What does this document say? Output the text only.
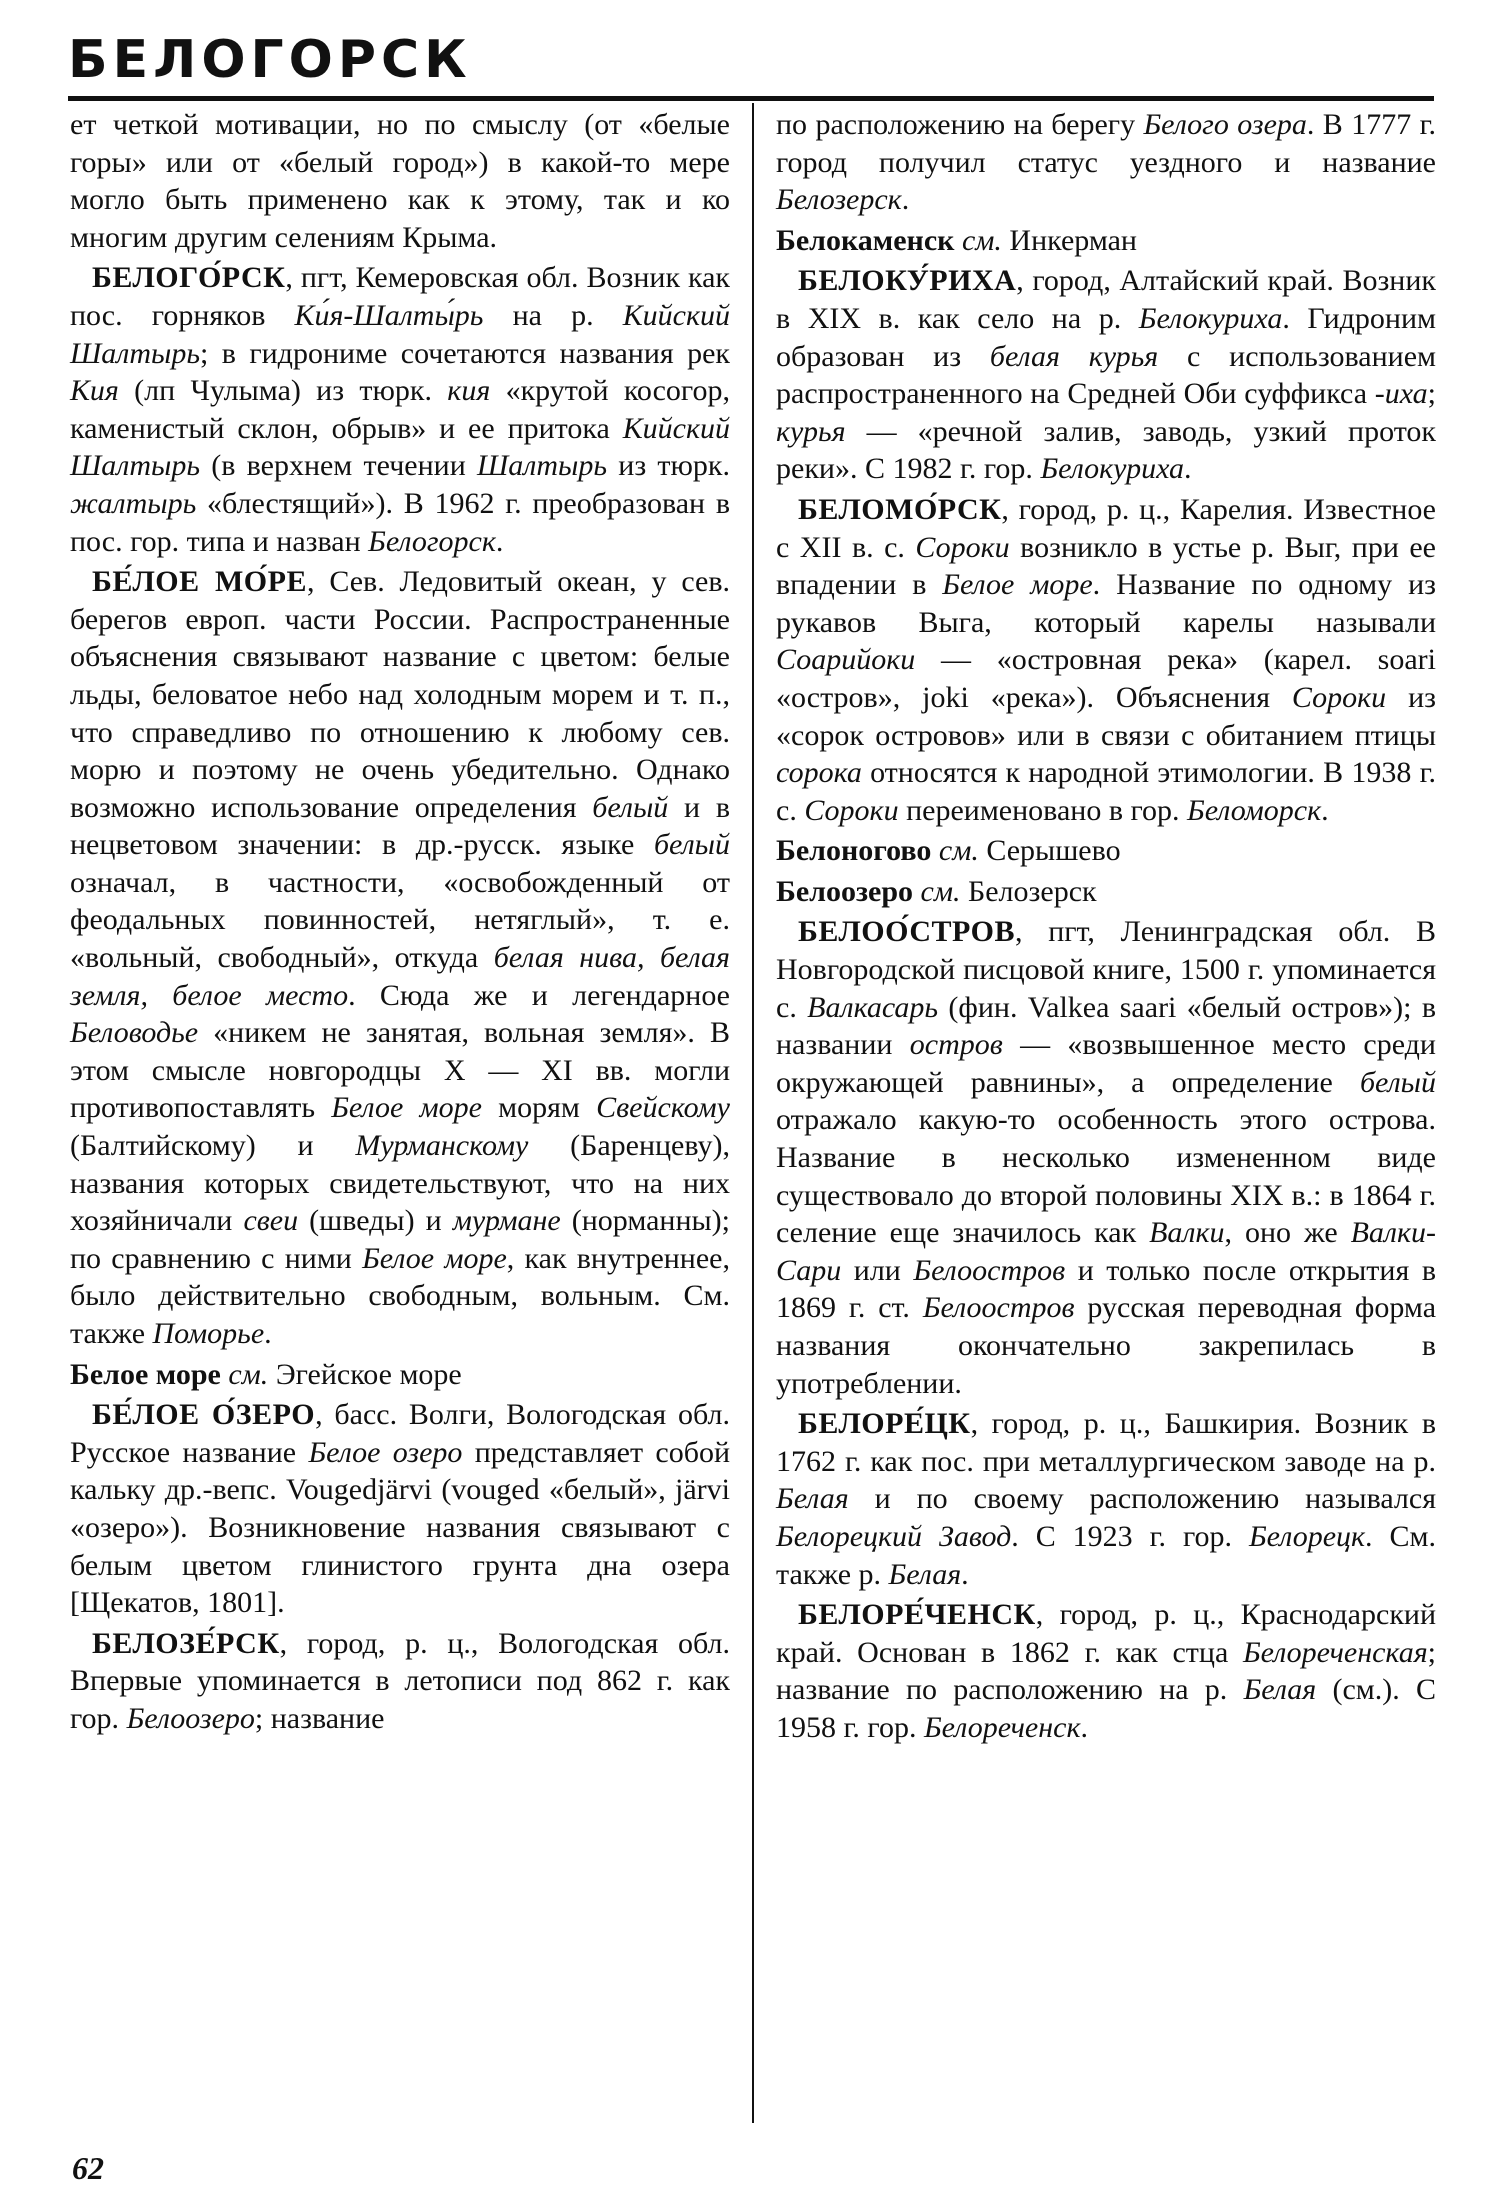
БЕЛОГОРСК

ет четкой мотивации, но по смыслу (от «белые горы» или от «белый город») в какой-то мере могло быть применено как к этому, так и ко многим другим селениям Крыма.

БЕЛОГО́РСК, пгт, Кемеровская обл. Возник как пос. горняков Ки́я-Шалты́рь на р. Кийский Шалтырь; в гидрониме сочетаются названия рек Кия (лп Чулыма) из тюрк. кия «крутой косогор, каменистый склон, обрыв» и ее притока Кийский Шалтырь (в верхнем течении Шалтырь из тюрк. жалтырь «блестящий»). В 1962 г. преобразован в пос. гор. типа и назван Белогорск.

БЕ́ЛОЕ МО́РЕ, Сев. Ледовитый океан, у сев. берегов европ. части России. Распространенные объяснения связывают название с цветом: белые льды, беловатое небо над холодным морем и т. п., что справедливо по отношению к любому сев. морю и поэтому не очень убедительно. Однако возможно использование определения белый и в нецветовом значении: в др.-русск. языке белый означал, в частности, «освобожденный от феодальных повинностей, нетяглый», т. е. «вольный, свободный», откуда белая нива, белая земля, белое место. Сюда же и легендарное Беловодье «никем не занятая, вольная земля». В этом смысле новгородцы X — XI вв. могли противопоставлять Белое море морям Свейскому (Балтийскому) и Мурманскому (Баренцеву), названия которых свидетельствуют, что на них хозяйничали свеи (шведы) и мурмане (норманны); по сравнению с ними Белое море, как внутреннее, было действительно свободным, вольным. См. также Поморье.

Белое море см. Эгейское море

БЕ́ЛОЕ О́ЗЕРО, басс. Волги, Вологодская обл. Русское название Белое озеро представляет собой кальку др.-вепс. Vougedjärvi (vouged «белый», järvi «озеро»). Возникновение названия связывают с белым цветом глинистого грунта дна озера [Щекатов, 1801].

БЕЛОЗЕ́РСК, город, р. ц., Вологодская обл. Впервые упоминается в летописи под 862 г. как гор. Белоозеро; название

по расположению на берегу Белого озера. В 1777 г. город получил статус уездного и название Белозерск.

Белокаменск см. Инкерман

БЕЛОКУ́РИХА, город, Алтайский край. Возник в XIX в. как село на р. Белокуриха. Гидроним образован из белая курья с использованием распространенного на Средней Оби суффикса -иха; курья — «речной залив, заводь, узкий проток реки». С 1982 г. гор. Белокуриха.

БЕЛОМО́РСК, город, р. ц., Карелия. Известное с XII в. с. Сороки возникло в устье р. Выг, при ее впадении в Белое море. Название по одному из рукавов Выга, который карелы называли Соарийоки — «островная река» (карел. soari «остров», joki «река»). Объяснения Сороки из «сорок островов» или в связи с обитанием птицы сорока относятся к народной этимологии. В 1938 г. с. Сороки переименовано в гор. Беломорск.

Белоногово см. Серышево

Белоозеро см. Белозерск

БЕЛОО́СТРОВ, пгт, Ленинградская обл. В Новгородской писцовой книге, 1500 г. упоминается с. Валкасарь (фин. Valkea saari «белый остров»); в названии остров — «возвышенное место среди окружающей равнины», а определение белый отражало какую-то особенность этого острова. Название в несколько измененном виде существовало до второй половины XIX в.: в 1864 г. селение еще значилось как Валки, оно же Валки-Сари или Белоостров и только после открытия в 1869 г. ст. Белоостров русская переводная форма названия окончательно закрепилась в употреблении.

БЕЛОРЕ́ЦК, город, р. ц., Башкирия. Возник в 1762 г. как пос. при металлургическом заводе на р. Белая и по своему расположению назывался Белорецкий Завод. С 1923 г. гор. Белорецк. См. также р. Белая.

БЕЛОРЕ́ЧЕНСК, город, р. ц., Краснодарский край. Основан в 1862 г. как стца Белореченская; название по расположению на р. Белая (см.). С 1958 г. гор. Белореченск.

62
